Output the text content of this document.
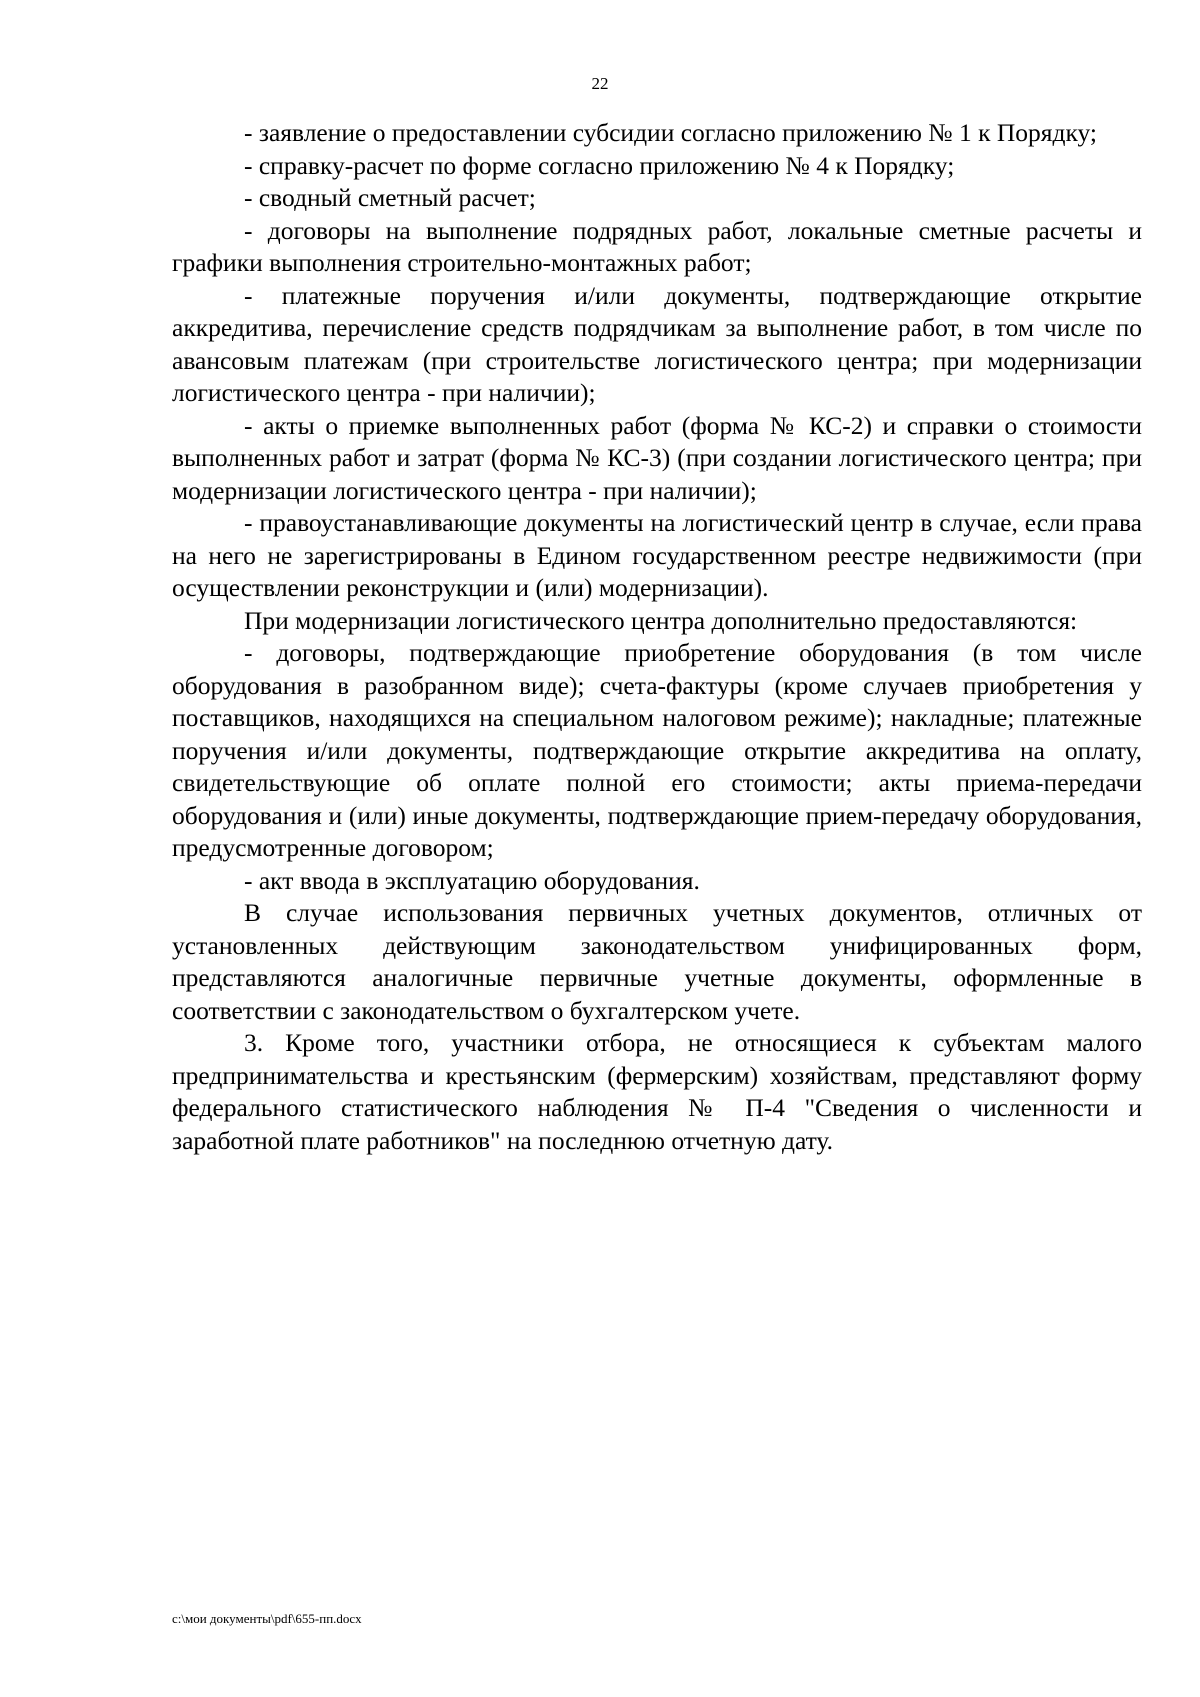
22

- заявление о предоставлении субсидии согласно приложению № 1 к Порядку;

- справку-расчет по форме согласно приложению № 4 к Порядку;

- сводный сметный расчет;

- договоры на выполнение подрядных работ, локальные сметные расчеты и графики выполнения строительно-монтажных работ;

- платежные поручения и/или документы, подтверждающие открытие аккредитива, перечисление средств подрядчикам за выполнение работ, в том числе по авансовым платежам (при строительстве логистического центра; при модернизации логистического центра - при наличии);

- акты о приемке выполненных работ (форма № КС-2) и справки о стоимости выполненных работ и затрат (форма № КС-3) (при создании логистического центра; при модернизации логистического центра - при наличии);

- правоустанавливающие документы на логистический центр в случае, если права на него не зарегистрированы в Едином государственном реестре недвижимости (при осуществлении реконструкции и (или) модернизации).

При модернизации логистического центра дополнительно предоставляются:

- договоры, подтверждающие приобретение оборудования (в том числе оборудования в разобранном виде); счета-фактуры (кроме случаев приобретения у поставщиков, находящихся на специальном налоговом режиме); накладные; платежные поручения и/или документы, подтверждающие открытие аккредитива на оплату, свидетельствующие об оплате полной его стоимости; акты приема-передачи оборудования и (или) иные документы, подтверждающие прием-передачу оборудования, предусмотренные договором;

- акт ввода в эксплуатацию оборудования.

В случае использования первичных учетных документов, отличных от установленных действующим законодательством унифицированных форм, представляются аналогичные первичные учетные документы, оформленные в соответствии с законодательством о бухгалтерском учете.

3. Кроме того, участники отбора, не относящиеся к субъектам малого предпринимательства и крестьянским (фермерским) хозяйствам, представляют форму федерального статистического наблюдения № П-4 "Сведения о численности и заработной плате работников" на последнюю отчетную дату.

c:\мои документы\pdf\655-пп.docx
